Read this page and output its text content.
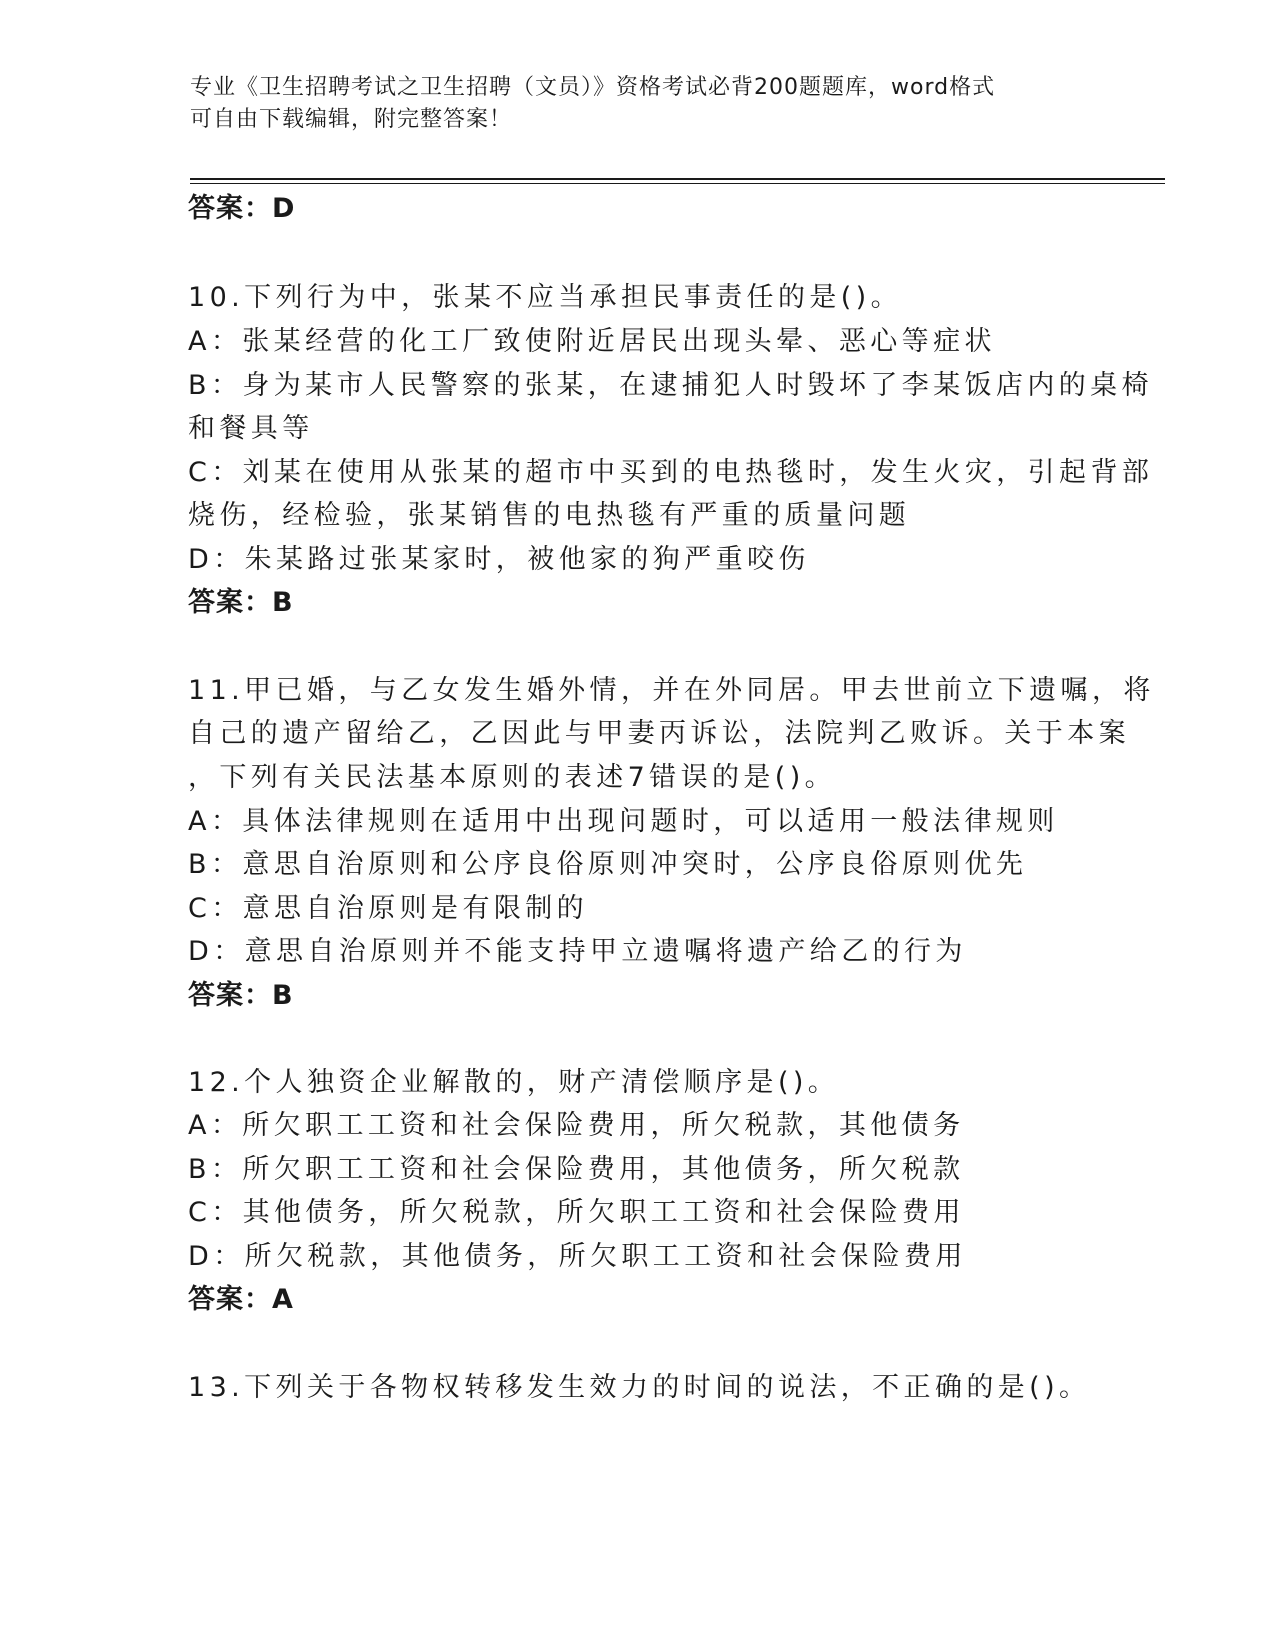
专业《卫生招聘考试之卫生招聘（文员）》资格考试必背200题题库，word格式
可自由下载编辑，附完整答案！
答案：D
10.下列行为中，张某不应当承担民事责任的是()。
A：张某经营的化工厂致使附近居民出现头晕、恶心等症状
B：身为某市人民警察的张某，在逮捕犯人时毁坏了李某饭店内的桌椅
和餐具等
C：刘某在使用从张某的超市中买到的电热毯时，发生火灾，引起背部
烧伤，经检验，张某销售的电热毯有严重的质量问题
D：朱某路过张某家时，被他家的狗严重咬伤
答案：B
11.甲已婚，与乙女发生婚外情，并在外同居。甲去世前立下遗嘱，将
自己的遗产留给乙，乙因此与甲妻丙诉讼，法院判乙败诉。关于本案
，下列有关民法基本原则的表述7错误的是()。
A：具体法律规则在适用中出现问题时，可以适用一般法律规则
B：意思自治原则和公序良俗原则冲突时，公序良俗原则优先
C：意思自治原则是有限制的
D：意思自治原则并不能支持甲立遗嘱将遗产给乙的行为
答案：B
12.个人独资企业解散的，财产清偿顺序是()。
A：所欠职工工资和社会保险费用，所欠税款，其他债务
B：所欠职工工资和社会保险费用，其他债务，所欠税款
C：其他债务，所欠税款，所欠职工工资和社会保险费用
D：所欠税款，其他债务，所欠职工工资和社会保险费用
答案：A
13.下列关于各物权转移发生效力的时间的说法，不正确的是()。
